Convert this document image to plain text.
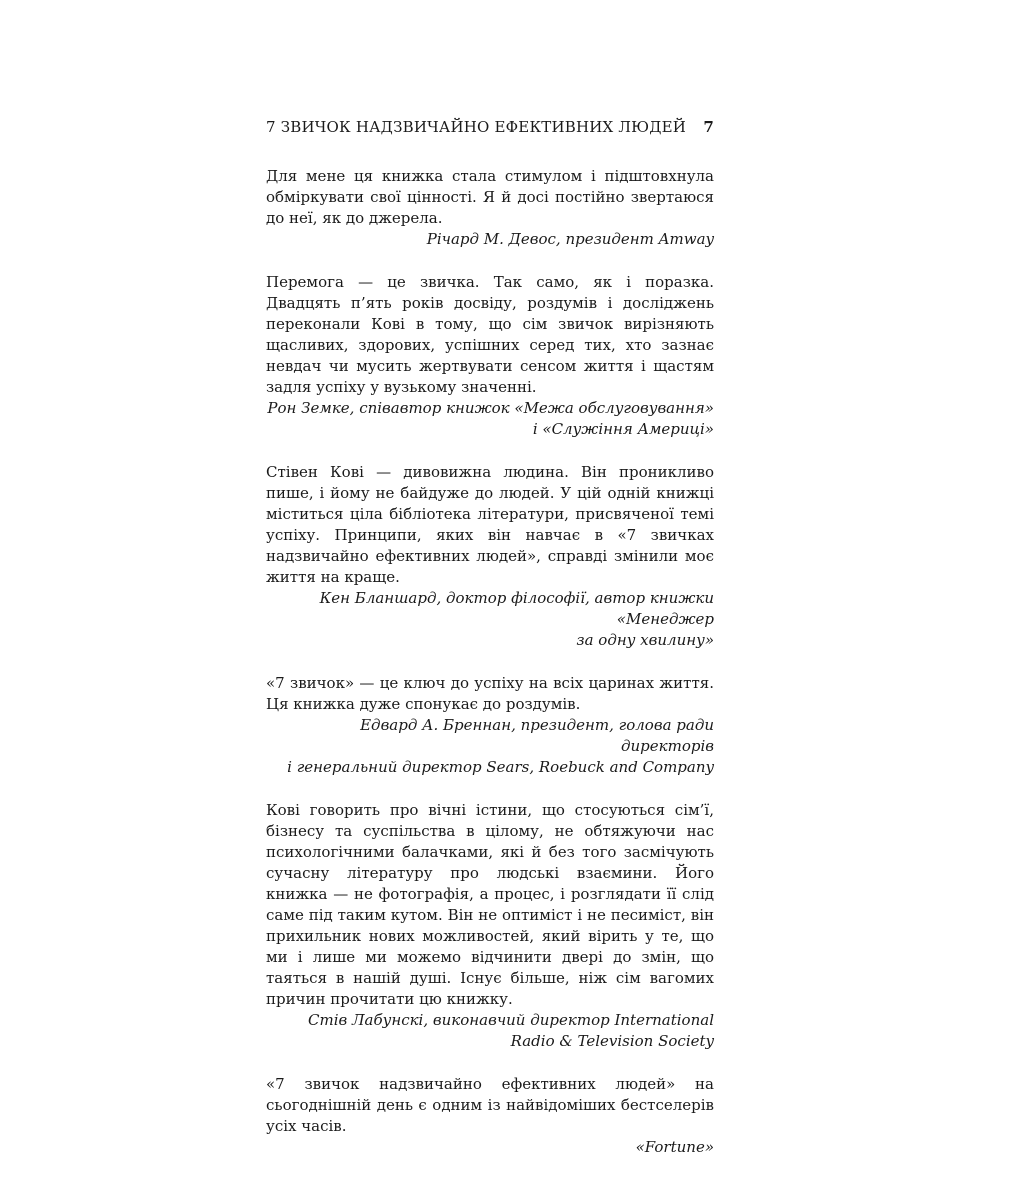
7 ЗВИЧОК НАДЗВИЧАЙНО ЕФЕКТИВНИХ ЛЮДЕЙ 7

Для мене ця книжка стала стимулом і підштовхнула обміркувати свої цінності. Я й досі постійно звертаюся до неї, як до джерела.

Річард М. Девос, президент Amway

Перемога — це звичка. Так само, як і поразка. Двадцять п’ять років досвіду, роздумів і досліджень переконали Кові в тому, що сім звичок вирізняють щасливих, здорових, успішних серед тих, хто зазнає невдач чи мусить жертвувати сенсом життя і щастям задля успіху у вузькому значенні.

Рон Земке, співавтор книжок «Межа обслуговування»
і «Служіння Америці»

Стівен Кові — дивовижна людина. Він проникливо пише, і йому не байдуже до людей. У цій одній книжці міститься ціла бібліотека літератури, присвяченої темі успіху. Принципи, яких він навчає в «7 звичках надзвичайно ефективних людей», справді змінили моє життя на краще.

Кен Бланшард, доктор філософії, автор книжки «Менеджер
за одну хвилину»

«7 звичок» — це ключ до успіху на всіх царинах життя. Ця книжка дуже спонукає до роздумів.

Едвард А. Бреннан, президент, голова ради директорів
і генеральний директор Sears, Roebuck and Company

Кові говорить про вічні істини, що стосуються сім’ї, бізнесу та суспільства в цілому, не обтяжуючи нас психологічними балачками, які й без того засмічують сучасну літературу про людські взаємини. Його книжка — не фотографія, а процес, і розглядати її слід саме під таким кутом. Він не оптиміст і не песиміст, він прихильник нових можливостей, який вірить у те, що ми і лише ми можемо відчинити двері до змін, що таяться в нашій душі. Існує більше, ніж сім вагомих причин прочитати цю книжку.

Стів Лабунскі, виконавчий директор International
Radio & Television Society

«7 звичок надзвичайно ефективних людей» на сьогоднішній день є одним із найвідоміших бестселерів усіх часів.

«Fortune»
